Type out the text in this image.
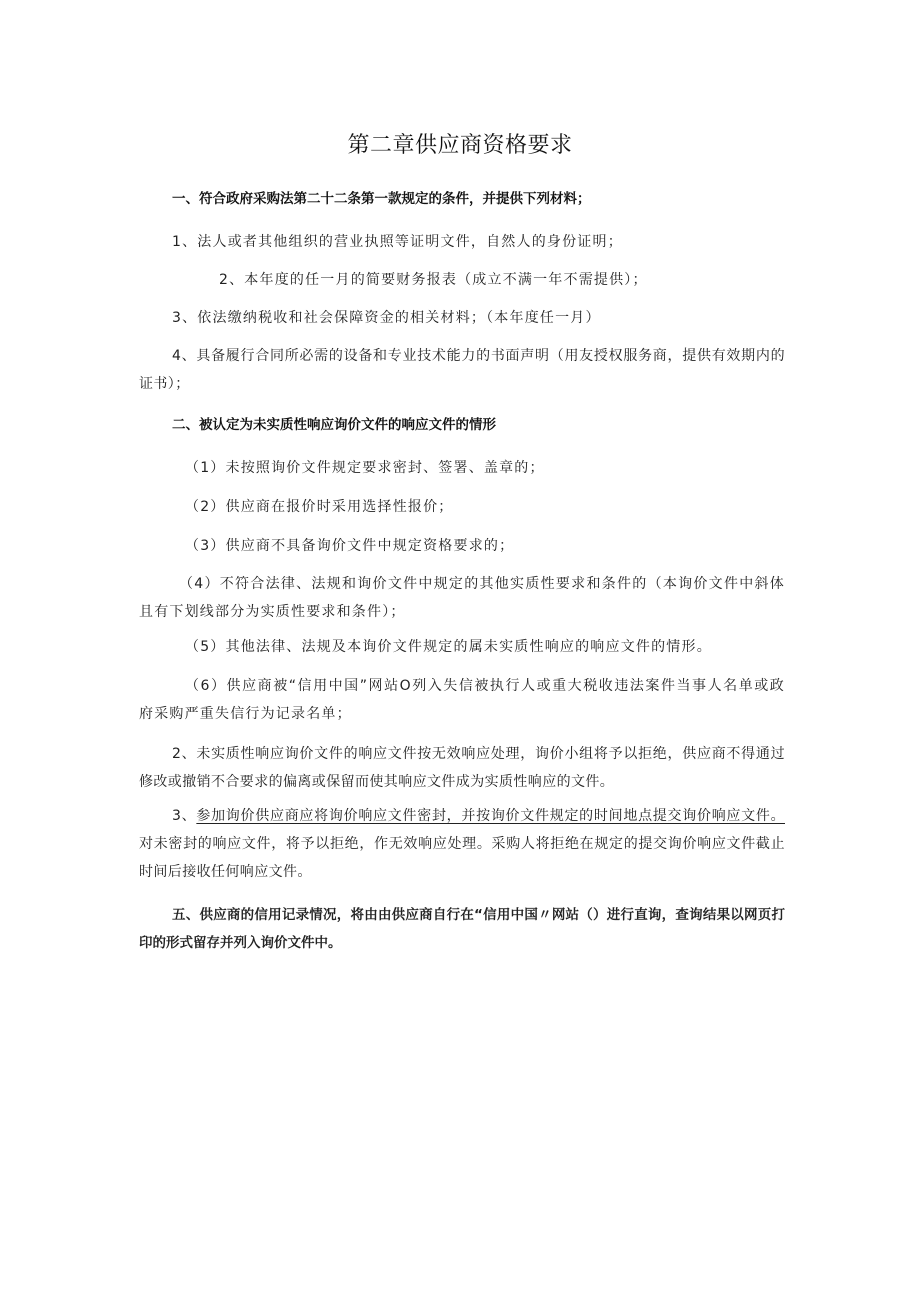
第二章供应商资格要求

一、符合政府采购法第二十二条第一款规定的条件，并提供下列材料；

1、法人或者其他组织的营业执照等证明文件，自然人的身份证明；

2、本年度的任一月的简要财务报表（成立不满一年不需提供）；

3、依法缴纳税收和社会保障资金的相关材料；（本年度任一月）

4、具备履行合同所必需的设备和专业技术能力的书面声明（用友授权服务商，提供有效期内的证书）；

二、被认定为未实质性响应询价文件的响应文件的情形

（1）未按照询价文件规定要求密封、签署、盖章的；

（2）供应商在报价时采用选择性报价；

（3）供应商不具备询价文件中规定资格要求的；

（4）不符合法律、法规和询价文件中规定的其他实质性要求和条件的（本询价文件中斜体且有下划线部分为实质性要求和条件）；

（5）其他法律、法规及本询价文件规定的属未实质性响应的响应文件的情形。

（6）供应商被“信用中国”网站O列入失信被执行人或重大税收违法案件当事人名单或政府采购严重失信行为记录名单；

2、未实质性响应询价文件的响应文件按无效响应处理，询价小组将予以拒绝，供应商不得通过修改或撤销不合要求的偏离或保留而使其响应文件成为实质性响应的文件。

3、参加询价供应商应将询价响应文件密封，并按询价文件规定的时间地点提交询价响应文件。对未密封的响应文件，将予以拒绝，作无效响应处理。采购人将拒绝在规定的提交询价响应文件截止时间后接收任何响应文件。

五、供应商的信用记录情况，将由由供应商自行在“信用中国〃网站（）进行直询，查询结果以网页打印的形式留存并列入询价文件中。
